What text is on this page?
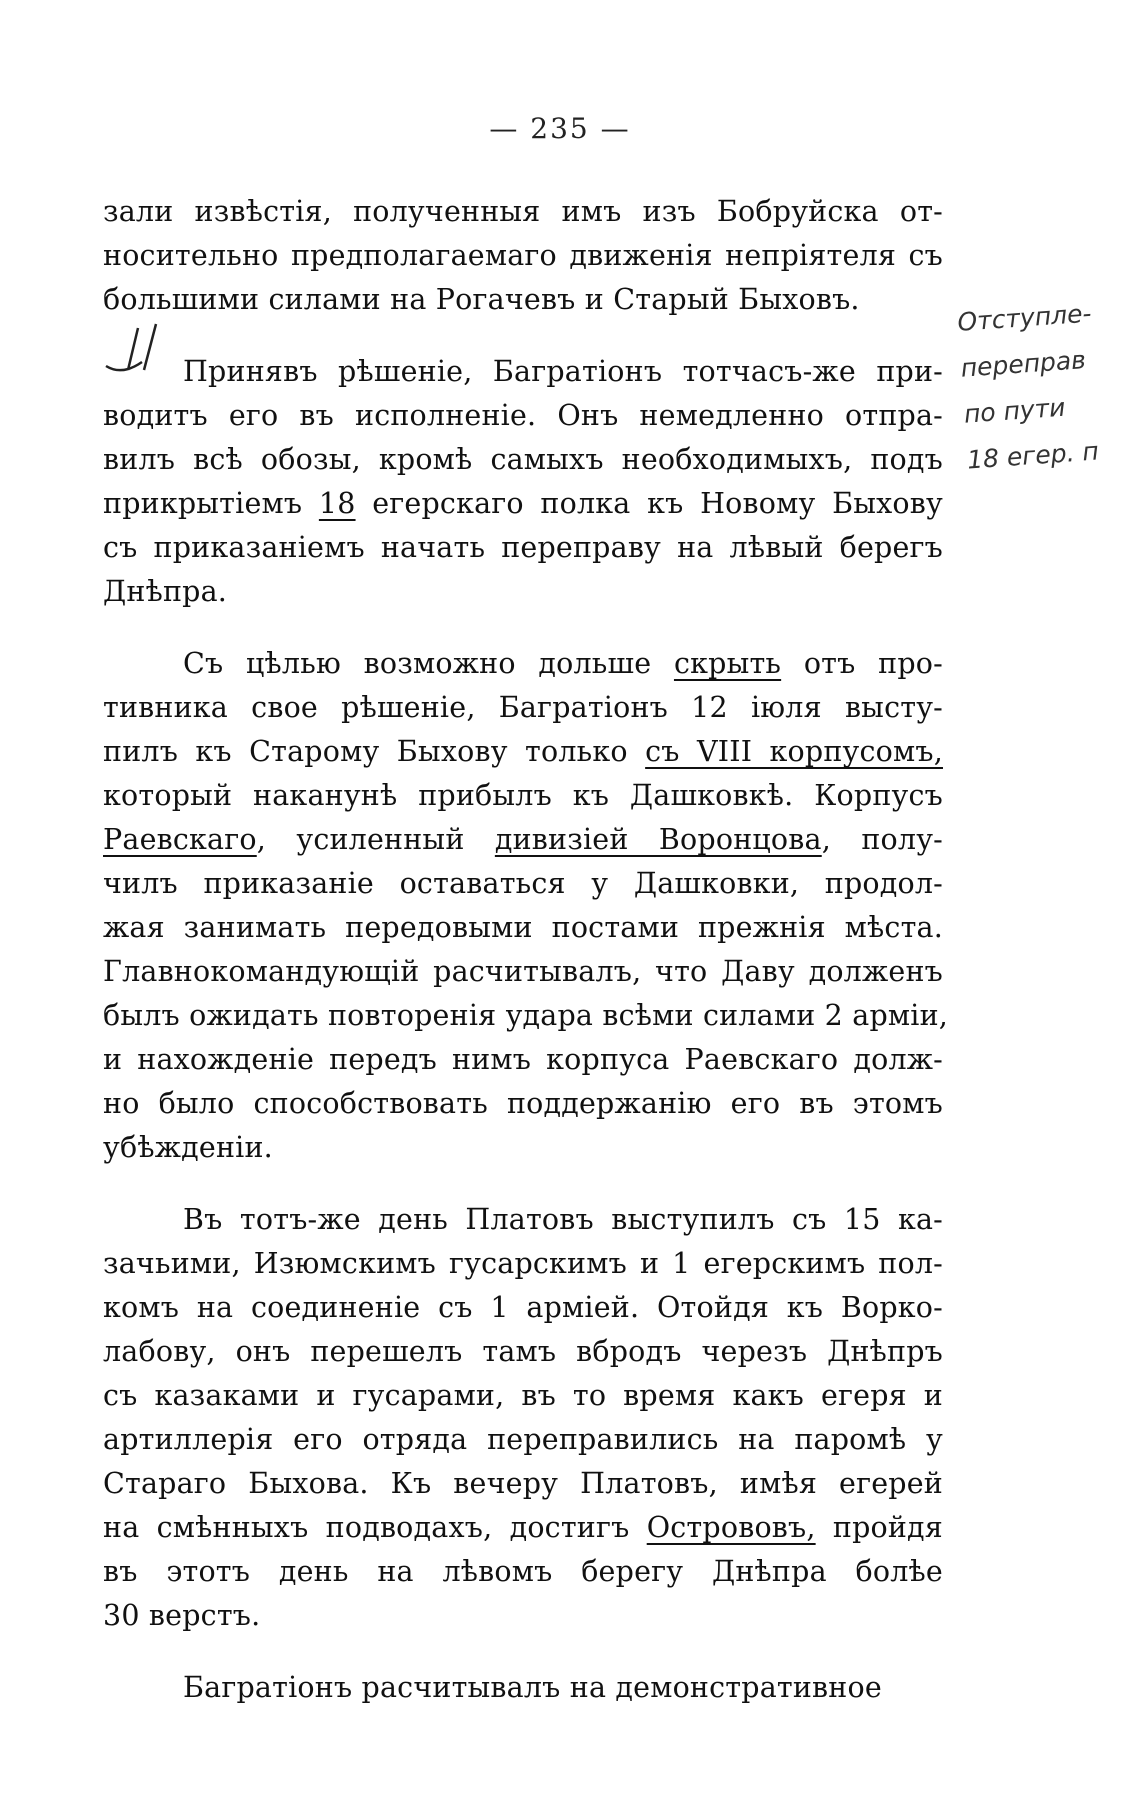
— 235 —
зали извѣстія, полученныя имъ изъ Бобруйска от-
носительно предполагаемаго движенія непріятеля съ
большими силами на Рогачевъ и Старый Быховъ.
Принявъ рѣшеніе, Багратіонъ тотчасъ-же при-
водитъ его въ исполненіе. Онъ немедленно отпра-
вилъ всѣ обозы, кромѣ самыхъ необходимыхъ, подъ
прикрытіемъ 18 егерскаго полка къ Новому Быхову
съ приказаніемъ начать переправу на лѣвый берегъ
Днѣпра.
Съ цѣлью возможно дольше скрыть отъ про-
тивника свое рѣшеніе, Багратіонъ 12 іюля высту-
пилъ къ Старому Быхову только съ VIII корпусомъ,
который наканунѣ прибылъ къ Дашковкѣ. Корпусъ
Раевскаго, усиленный дивизіей Воронцова, полу-
чилъ приказаніе оставаться у Дашковки, продол-
жая занимать передовыми постами прежнія мѣста.
Главнокомандующій расчитывалъ, что Даву долженъ
былъ ожидать повторенія удара всѣми силами 2 арміи,
и нахожденіе передъ нимъ корпуса Раевскаго долж-
но было способствовать поддержанію его въ этомъ
убѣжденіи.
Въ тотъ-же день Платовъ выступилъ съ 15 ка-
зачьими, Изюмскимъ гусарскимъ и 1 егерскимъ пол-
комъ на соединеніе съ 1 арміей. Отойдя къ Ворко-
лабову, онъ перешелъ тамъ вбродъ черезъ Днѣпръ
съ казаками и гусарами, въ то время какъ егеря и
артиллерія его отряда переправились на паромѣ у
Стараго Быхова. Къ вечеру Платовъ, имѣя егерей
на смѣнныхъ подводахъ, достигъ Острововъ, пройдя
въ этотъ день на лѣвомъ берегу Днѣпра болѣе
30 верстъ.
Багратіонъ расчитывалъ на демонстративное
Отступле-
переправ
по пути
18 егер. п
